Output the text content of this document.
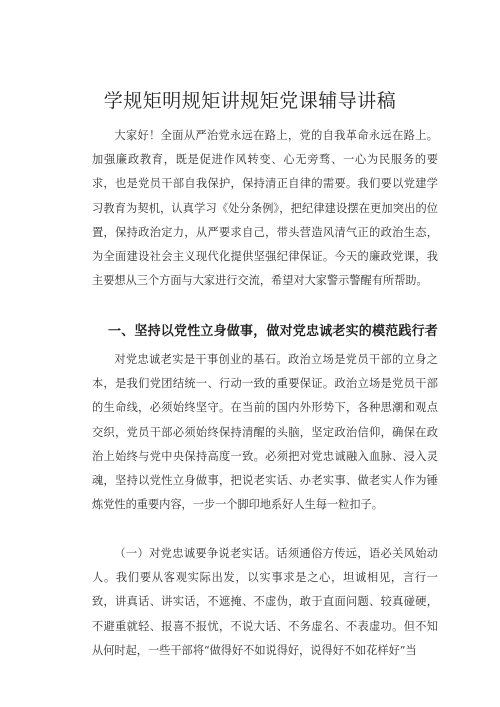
学规矩明规矩讲规矩党课辅导讲稿

大家好！全面从严治党永远在路上，党的自我革命永远在路上。加强廉政教育，既是促进作风转变、心无旁骛、一心为民服务的要求，也是党员干部自我保护，保持清正自律的需要。我们要以党建学习教育为契机，认真学习《处分条例》，把纪律建设摆在更加突出的位置，保持政治定力，从严要求自己，带头营造风清气正的政治生态，为全面建设社会主义现代化提供坚强纪律保证。今天的廉政党课，我主要想从三个方面与大家进行交流，希望对大家警示警醒有所帮助。

一、坚持以党性立身做事，做对党忠诚老实的模范践行者

对党忠诚老实是干事创业的基石。政治立场是党员干部的立身之本，是我们党团结统一、行动一致的重要保证。政治立场是党员干部的生命线，必须始终坚守。在当前的国内外形势下，各种思潮和观点交织，党员干部必须始终保持清醒的头脑，坚定政治信仰，确保在政治上始终与党中央保持高度一致。必须把对党忠诚融入血脉、浸入灵魂，坚持以党性立身做事，把说老实话、办老实事、做老实人作为锤炼党性的重要内容，一步一个脚印地系好人生每一粒扣子。

（一）对党忠诚要争说老实话。话须通俗方传远，语必关风始动人。我们要从客观实际出发，以实事求是之心，坦诚相见，言行一致，讲真话、讲实话，不遮掩、不虚伪，敢于直面问题、较真碰硬，不避重就轻、报喜不报忧，不说大话、不务虚名、不表虚功。但不知从何时起，一些干部将“做得好不如说得好，说得好不如花样好”当
